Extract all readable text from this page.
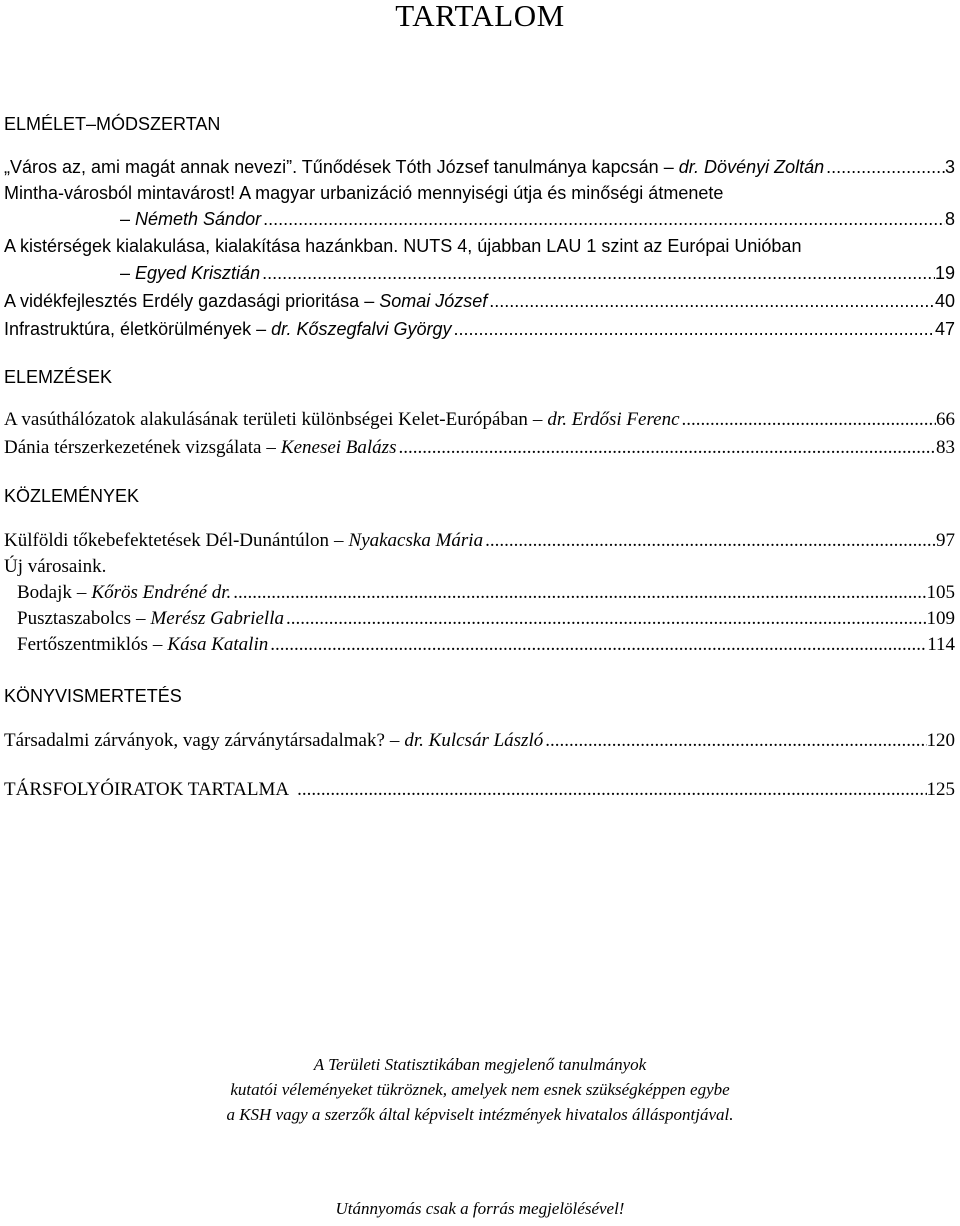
TARTALOM
ELMÉLET–MÓDSZERTAN
„Város az, ami magát annak nevezi”. Tűnődések Tóth József tanulmánya kapcsán – dr. Dövényi Zoltán .....	3
Mintha-városból mintavárost! A magyar urbanizáció mennyiségi útja és minőségi átmenete
– Németh Sándor .....	8
A kistérségek kialakulása, kialakítása hazánkban. NUTS 4, újabban LAU 1 szint az Európai Unióban
– Egyed Krisztián .....	19
A vidékfejlesztés Erdély gazdasági prioritása – Somai József .....	40
Infrastruktúra, életkörülmények – dr. Kőszegfalvi György .....	47
ELEMZÉSEK
A vasúthálózatok alakulásának területi különbségei Kelet-Európában – dr. Erdősi Ferenc .....	66
Dánia térszerkezetének vizsgálata – Kenesei Balázs .....	83
KÖZLEMÉNYEK
Külföldi tőkebefektetések Dél-Dunántúlon – Nyakacska Mária .....	97
Új városaink.
Bodajk – Kőrös Endréné dr. .....	105
Pusztaszabolcs – Merész Gabriella .....	109
Fertőszentmiklós – Kása Katalin .....	114
KÖNYVISMERTETÉS
Társadalmi zárványok, vagy zárványtársadalmak? – dr. Kulcsár László .....	120
TÁRSFOLYÓIRATOK TARTALMA .....	125
A Területi Statisztikában megjelenő tanulmányok
kutatói véleményeket tükröznek, amelyek nem esnek szükségképpen egybe
a KSH vagy a szerzők által képviselt intézmények hivatalos álláspontjával.
Utánnyomás csak a forrás megjelölésével!
